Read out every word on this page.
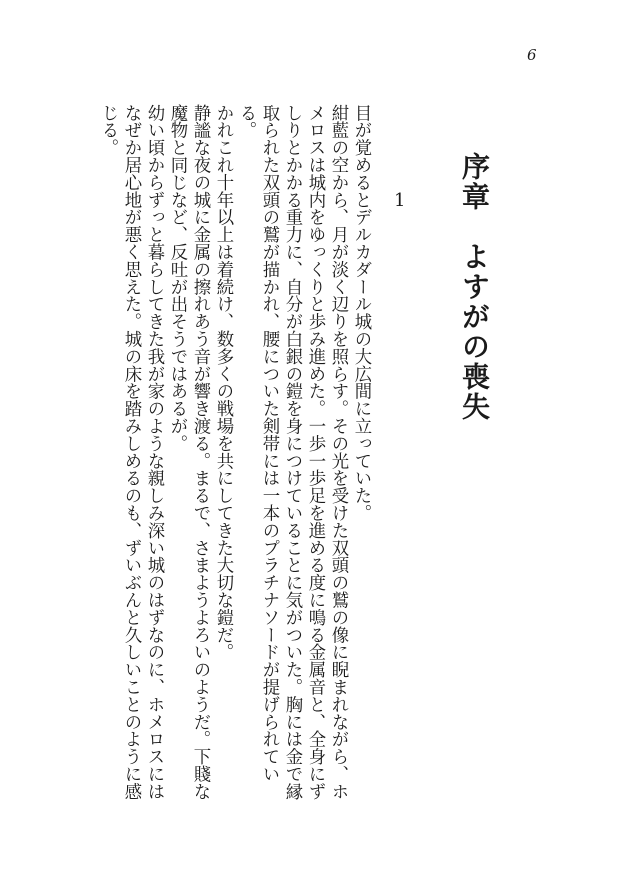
6
序章　よすがの喪失
1

目が覚めるとデルカダール城の大広間に立っていた。

紺藍の空から、月が淡く辺りを照らす。その光を受けた双頭の鷲の像に睨まれながら、ホメロスは城内をゆっくりと歩み進めた。一歩一歩足を進める度に鳴る金属音と、全身にずしりとかかる重力に、自分が白銀の鎧を身につけていることに気がついた。胸には金で縁取られた双頭の鷲が描かれ、腰についた剣帯には一本のプラチナソードが提げられている。

かれこれ十年以上は着続け、数多くの戦場を共にしてきた大切な鎧だ。

静謐な夜の城に金属の擦れあう音が響き渡る。まるで、さまようよろいのようだ。下賤な魔物と同じなど、反吐が出そうではあるが。

幼い頃からずっと暮らしてきた我が家のような親しみ深い城のはずなのに、ホメロスにはなぜか居心地が悪く思えた。城の床を踏みしめるのも、ずいぶんと久しいことのように感じる。
